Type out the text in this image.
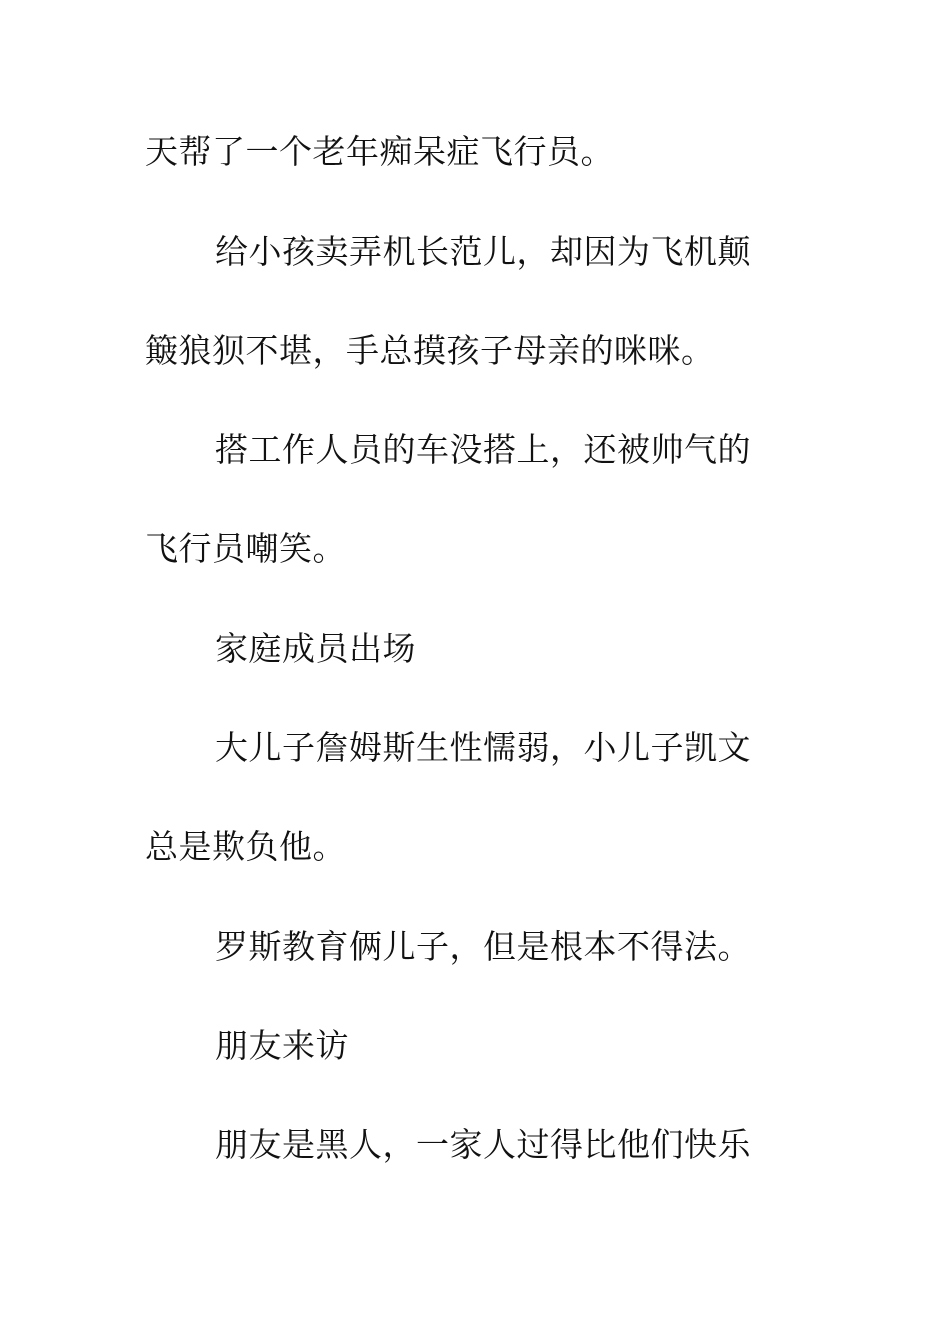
天帮了一个老年痴呆症飞行员。
给小孩卖弄机长范儿，却因为飞机颠
簸狼狈不堪，手总摸孩子母亲的咪咪。
搭工作人员的车没搭上，还被帅气的
飞行员嘲笑。
家庭成员出场
大儿子詹姆斯生性懦弱，小儿子凯文
总是欺负他。
罗斯教育俩儿子，但是根本不得法。
朋友来访
朋友是黑人，一家人过得比他们快乐
